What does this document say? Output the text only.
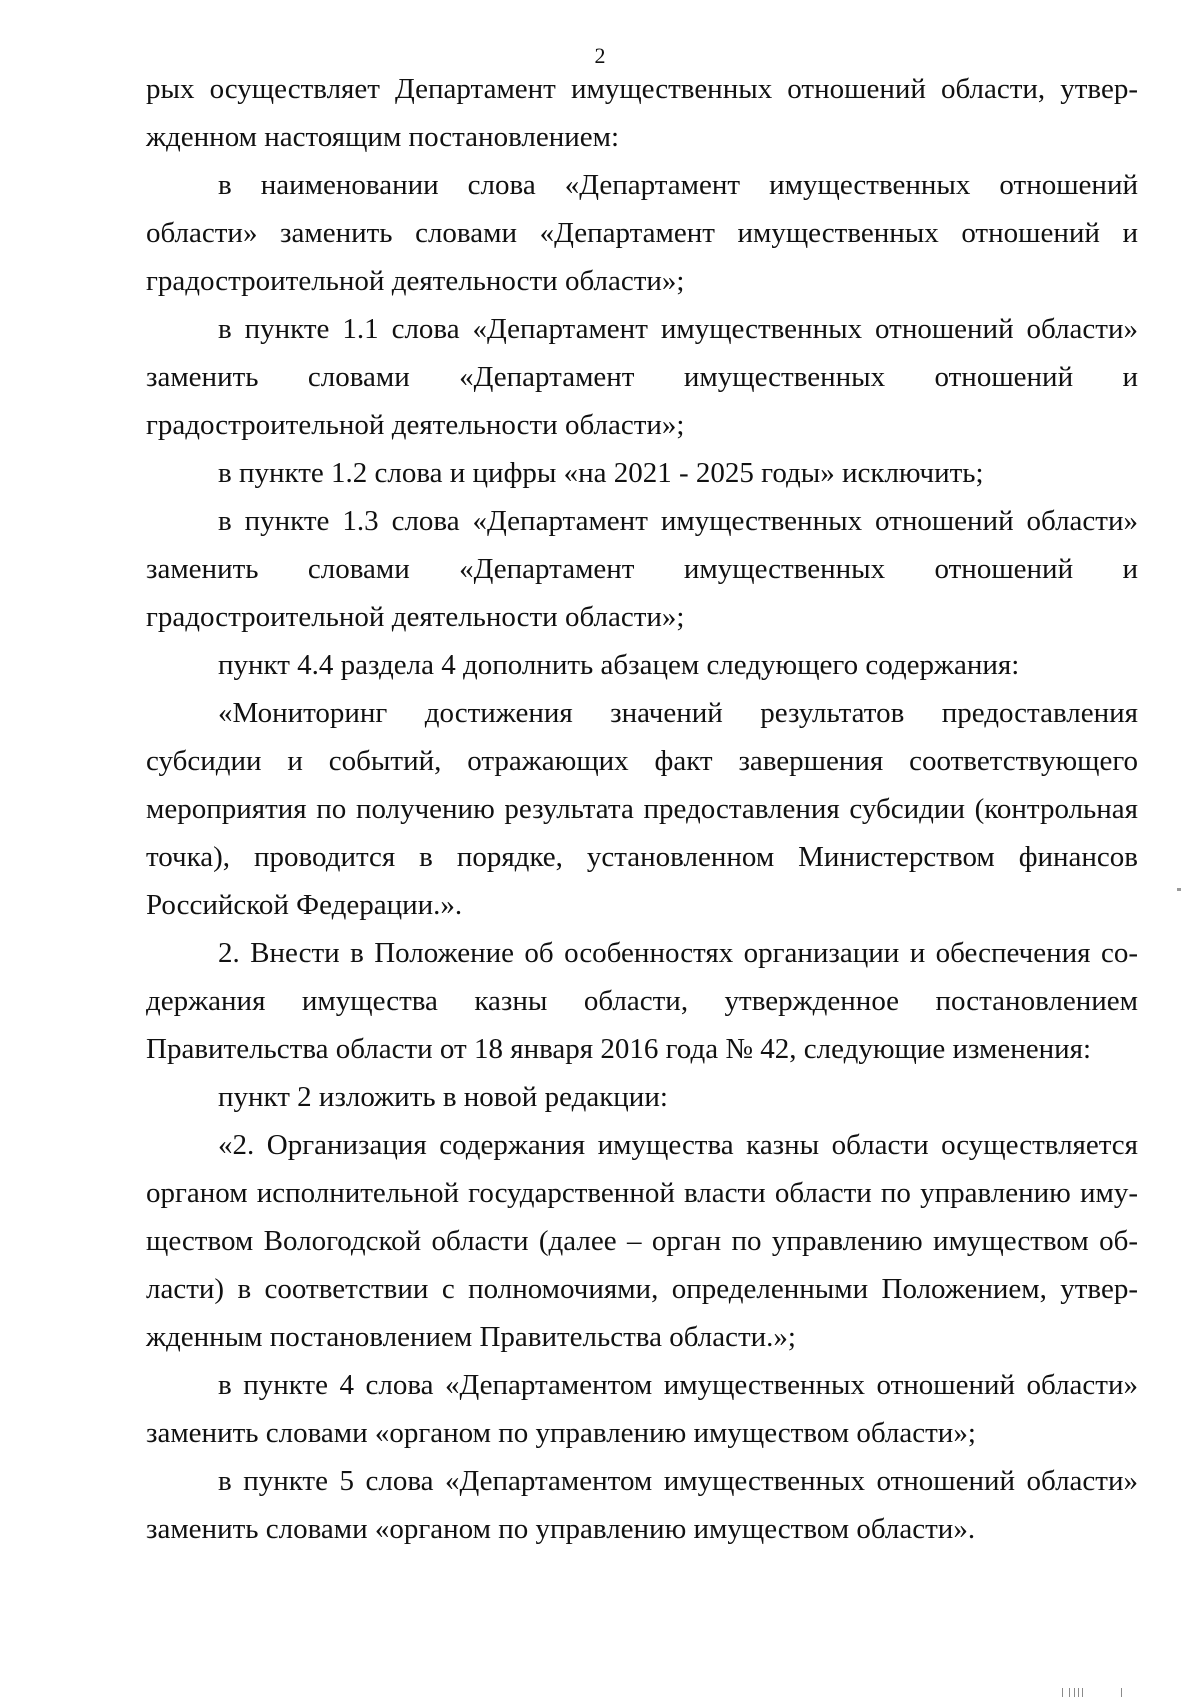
2

рых осуществляет Департамент имущественных отношений области, утвержденном настоящим постановлением:

в наименовании слова «Департамент имущественных отношений области» заменить словами «Департамент имущественных отношений и градостроительной деятельности области»;

в пункте 1.1 слова «Департамент имущественных отношений области» заменить словами «Департамент имущественных отношений и градостроительной деятельности области»;

в пункте 1.2 слова и цифры «на 2021 - 2025 годы» исключить;

в пункте 1.3 слова «Департамент имущественных отношений области» заменить словами «Департамент имущественных отношений и градостроительной деятельности области»;

пункт 4.4 раздела 4 дополнить абзацем следующего содержания:

«Мониторинг достижения значений результатов предоставления субсидии и событий, отражающих факт завершения соответствующего мероприятия по получению результата предоставления субсидии (контрольная точка), проводится в порядке, установленном Министерством финансов Российской Федерации.».

2. Внести в Положение об особенностях организации и обеспечения содержания имущества казны области, утвержденное постановлением Правительства области от 18 января 2016 года № 42, следующие изменения:

пункт 2 изложить в новой редакции:

«2. Организация содержания имущества казны области осуществляется органом исполнительной государственной власти области по управлению имуществом Вологодской области (далее – орган по управлению имуществом области) в соответствии с полномочиями, определенными Положением, утвержденным постановлением Правительства области.»;

в пункте 4 слова «Департаментом имущественных отношений области» заменить словами «органом по управлению имуществом области»;

в пункте 5 слова «Департаментом имущественных отношений области» заменить словами «органом по управлению имуществом области».
